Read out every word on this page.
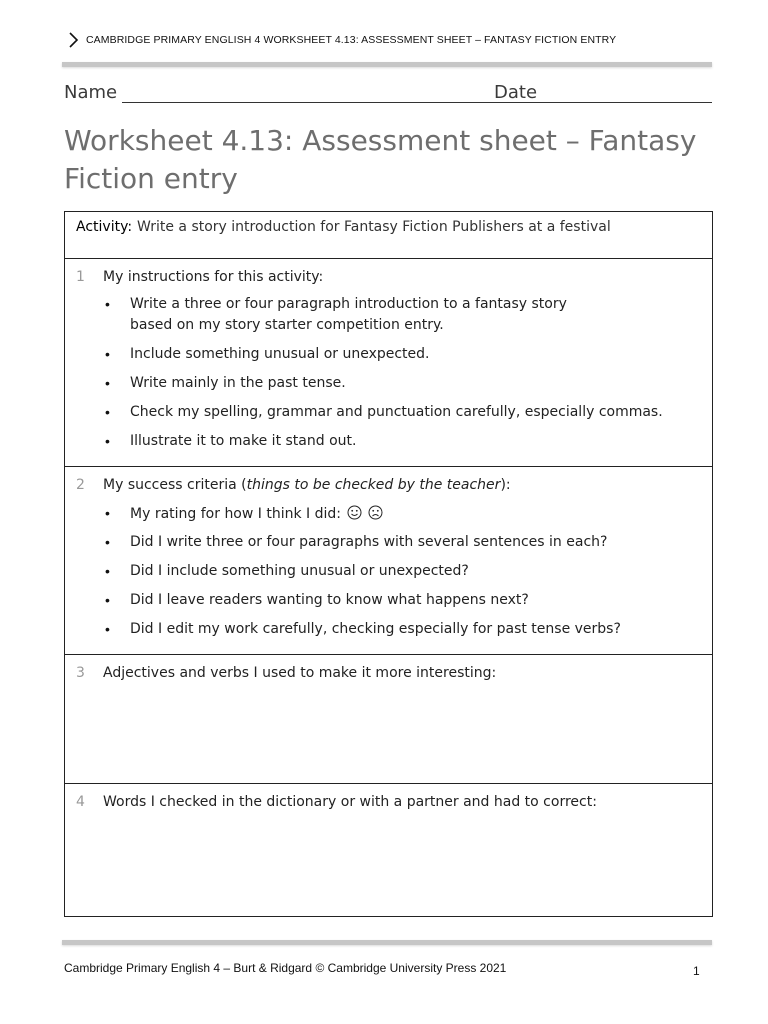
CAMBRIDGE PRIMARY ENGLISH 4 WORKSHEET 4.13: ASSESSMENT SHEET – FANTASY FICTION ENTRY
Name	Date
Worksheet 4.13: Assessment sheet – Fantasy
Fiction entry
Activity: Write a story introduction for Fantasy Fiction Publishers at a festival
1 My instructions for this activity:
• Write a three or four paragraph introduction to a fantasy story
based on my story starter competition entry.
• Include something unusual or unexpected.
• Write mainly in the past tense.
• Check my spelling, grammar and punctuation carefully, especially commas.
• Illustrate it to make it stand out.
2 My success criteria (things to be checked by the teacher):
• My rating for how I think I did:
• Did I write three or four paragraphs with several sentences in each?
• Did I include something unusual or unexpected?
• Did I leave readers wanting to know what happens next?
• Did I edit my work carefully, checking especially for past tense verbs?
3 Adjectives and verbs I used to make it more interesting:
4 Words I checked in the dictionary or with a partner and had to correct:
Cambridge Primary English 4 – Burt & Ridgard © Cambridge University Press 2021	1
